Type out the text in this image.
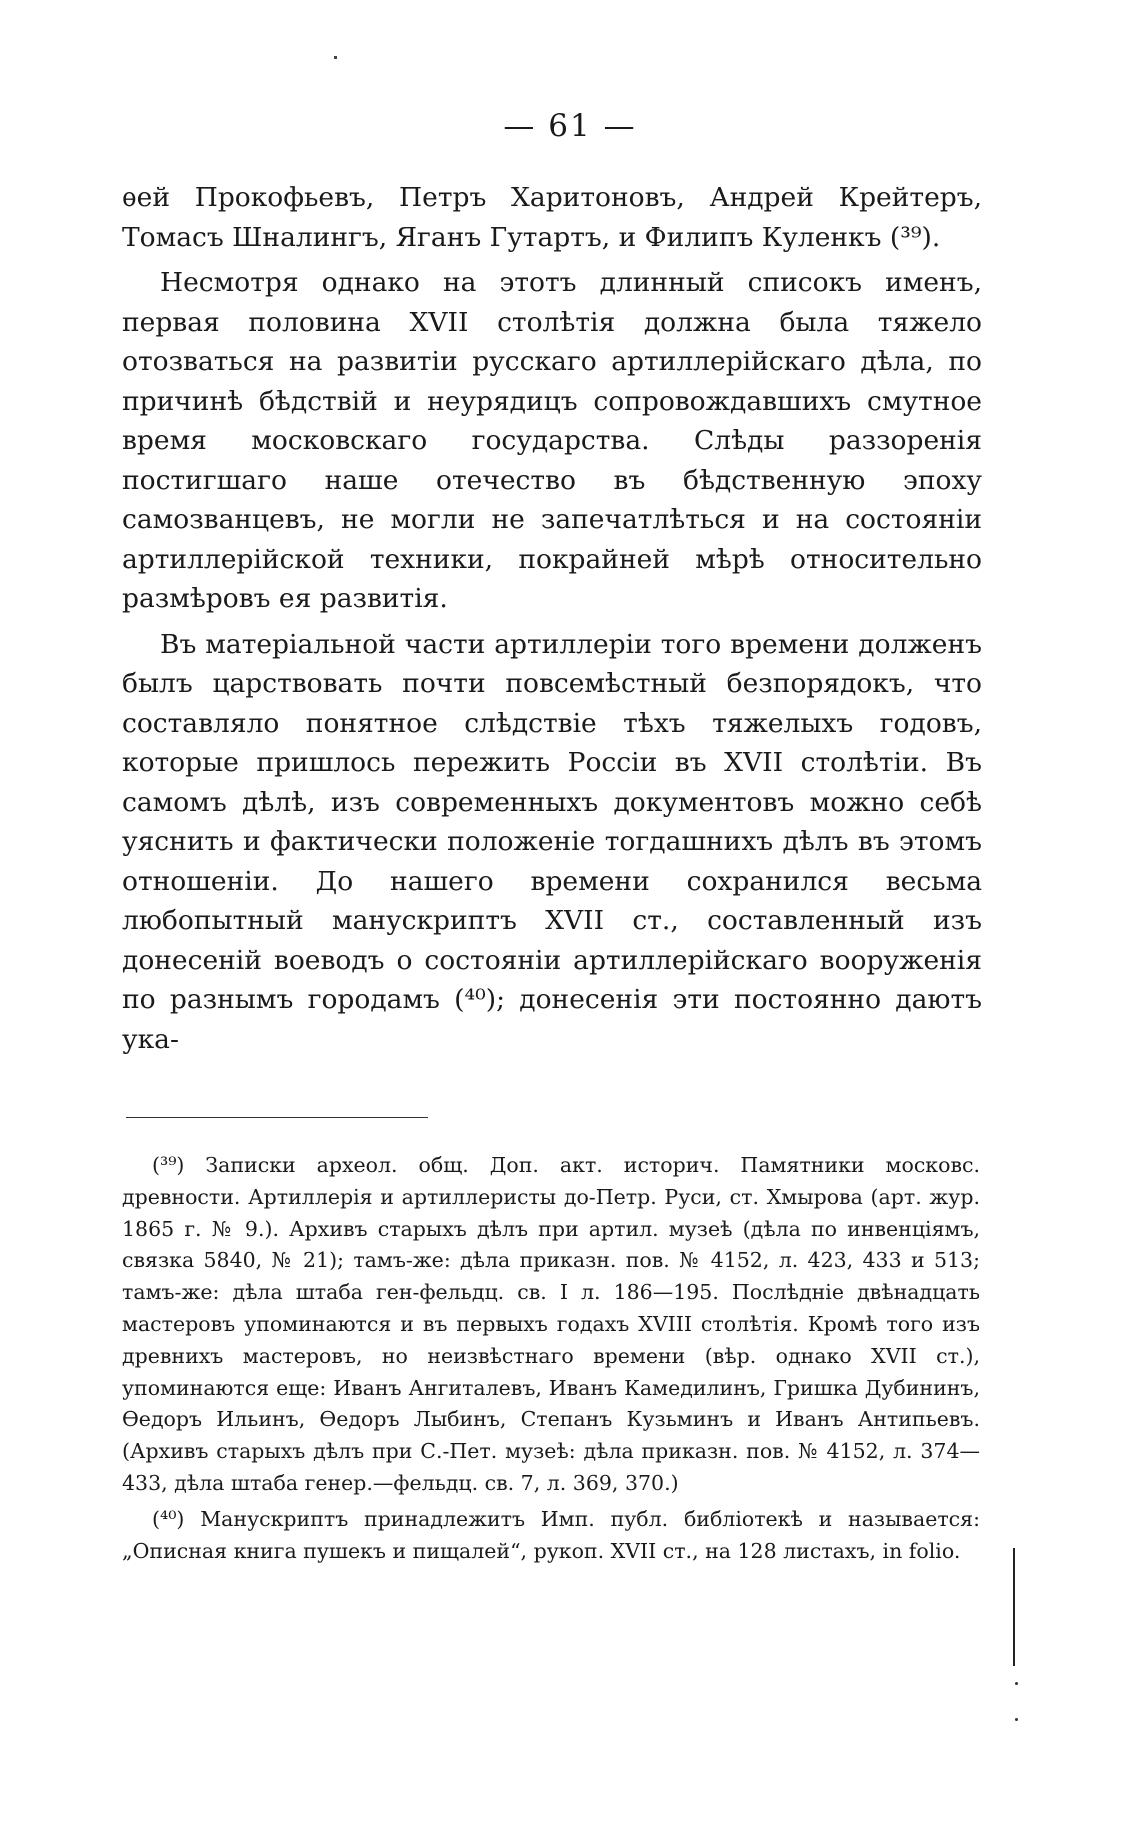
— 61 —

ѳей Прокофьевъ, Петръ Харитоновъ, Андрей Крейтеръ, Томасъ Шналингъ, Яганъ Гутартъ, и Филипъ Куленкъ (³⁹).

Несмотря однако на этотъ длинный списокъ именъ, первая половина XVII столѣтія должна была тяжело отозваться на развитіи русскаго артиллерійскаго дѣла, по причинѣ бѣдствій и неурядицъ сопровождавшихъ смутное время московскаго государства. Слѣды раззоренія постигшаго наше отечество въ бѣдственную эпоху самозванцевъ, не могли не запечатлѣться и на состояніи артиллерійской техники, покрайней мѣрѣ относительно размѣровъ ея развитія.

Въ матеріальной части артиллеріи того времени долженъ былъ царствовать почти повсемѣстный безпорядокъ, что составляло понятное слѣдствіе тѣхъ тяжелыхъ годовъ, которые пришлось пережить Россіи въ XVII столѣтіи. Въ самомъ дѣлѣ, изъ современныхъ документовъ можно себѣ уяснить и фактически положеніе тогдашнихъ дѣлъ въ этомъ отношеніи. До нашего времени сохранился весьма любопытный манускриптъ XVII ст., составленный изъ донесеній воеводъ о состояніи артиллерійскаго вооруженія по разнымъ городамъ (⁴⁰); донесенія эти постоянно даютъ ука-

(³⁹) Записки археол. общ. Доп. акт. историч. Памятники московс. древности. Артиллерія и артиллеристы до-Петр. Руси, ст. Хмырова (арт. жур. 1865 г. № 9.). Архивъ старыхъ дѣлъ при артил. музеѣ (дѣла по инвенціямъ, связка 5840, № 21); тамъ-же: дѣла приказн. пов. № 4152, л. 423, 433 и 513; тамъ-же: дѣла штаба ген-фельдц. св. I л. 186—195. Послѣдніе двѣнадцать мастеровъ упоминаются и въ первыхъ годахъ XVIII столѣтія. Кромѣ того изъ древнихъ мастеровъ, но неизвѣстнаго времени (вѣр. однако XVII ст.), упоминаются еще: Иванъ Ангиталевъ, Иванъ Камедилинъ, Гришка Дубининъ, Ѳедоръ Ильинъ, Ѳедоръ Лыбинъ, Степанъ Кузьминъ и Иванъ Антипьевъ. (Архивъ старыхъ дѣлъ при С.-Пет. музеѣ: дѣла приказн. пов. № 4152, л. 374—433, дѣла штаба генер.—фельдц. св. 7, л. 369, 370.)

(⁴⁰) Манускриптъ принадлежитъ Имп. публ. библіотекѣ и называется: „Описная книга пушекъ и пищалей“, рукоп. XVII ст., на 128 листахъ, in folio.
